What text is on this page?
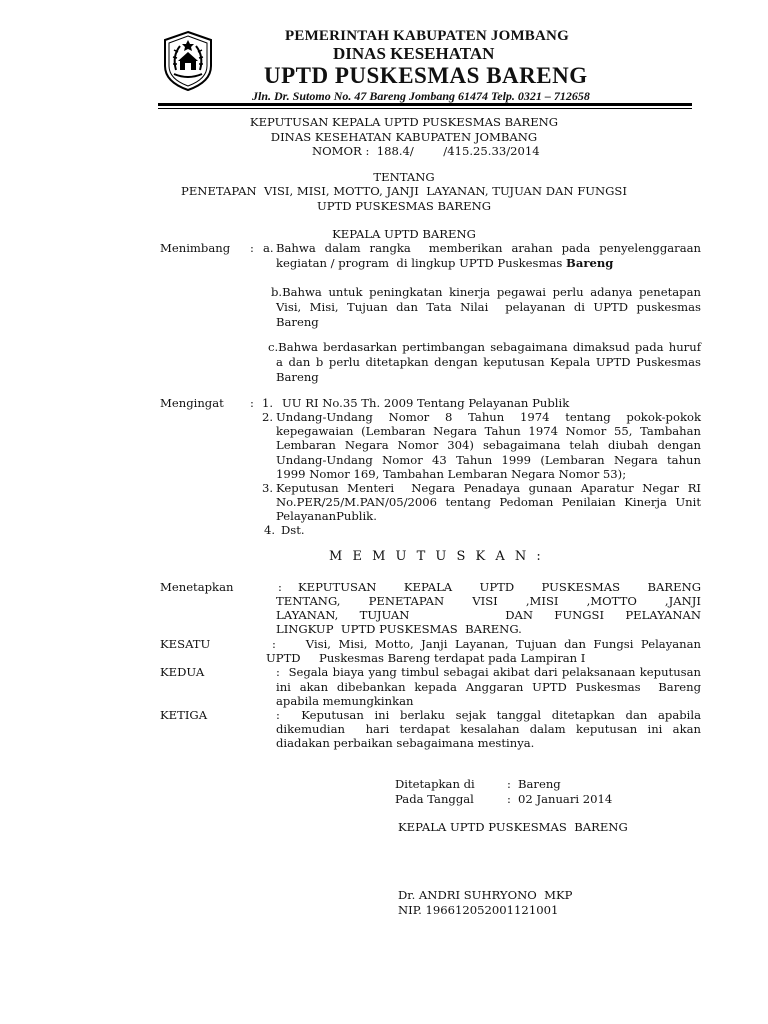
PEMERINTAH KABUPATEN JOMBANG
DINAS KESEHATAN
UPTD PUSKESMAS BARENG
Jln. Dr. Sutomo No. 47 Bareng Jombang 61474 Telp. 0321 – 712658
KEPUTUSAN KEPALA UPTD PUSKESMAS BARENG
DINAS KESEHATAN KABUPATEN JOMBANG
NOMOR :  188.4/        /415.25.33/2014
TENTANG
PENETAPAN  VISI, MISI, MOTTO, JANJI  LAYANAN, TUJUAN DAN FUNGSI
UPTD PUSKESMAS BARENG
KEPALA UPTD BARENG
Menimbang : a. Bahwa dalam rangka  memberikan arahan pada penyelenggaraan
kegiatan / program  di lingkup UPTD Puskesmas Bareng
b.Bahwa untuk peningkatan kinerja pegawai perlu adanya penetapan
Visi, Misi, Tujuan dan Tata Nilai  pelayanan di UPTD puskesmas
Bareng
c.Bahwa berdasarkan pertimbangan sebagaimana dimaksud pada huruf
a dan b perlu ditetapkan dengan keputusan Kepala UPTD Puskesmas
Bareng
Mengingat : 1. UU RI No.35 Th. 2009 Tentang Pelayanan Publik
2. Undang-Undang Nomor 8 Tahun 1974 tentang pokok-pokok
kepegawaian (Lembaran Negara Tahun 1974 Nomor 55, Tambahan
Lembaran Negara Nomor 304) sebagaimana telah diubah dengan
Undang-Undang Nomor 43 Tahun 1999 (Lembaran Negara tahun
1999 Nomor 169, Tambahan Lembaran Negara Nomor 53);
3. Keputusan Menteri  Negara Penadaya gunaan Aparatur Negar RI
No.PER/25/M.PAN/05/2006 tentang Pedoman Penilaian Kinerja Unit
PelayananPublik.
4. Dst.
M E M U T U S K A N :
Menetapkan	: KEPUTUSAN  KEPALA  UPTD  PUSKESMAS  BARENG
TENTANG,  PENETAPAN  VISI  ,MISI  ,MOTTO  ,JANJI
LAYANAN,  TUJUAN         DAN  FUNGSI  PELAYANAN
LINGKUP  UPTD PUSKESMAS  BARENG.
KESATU	:    Visi, Misi, Motto, Janji Layanan, Tujuan dan Fungsi Pelayanan
UPTD     Puskesmas Bareng terdapat pada Lampiran I
KEDUA	:  Segala biaya yang timbul sebagai akibat dari pelaksanaan keputusan
ini akan dibebankan kepada Anggaran UPTD Puskesmas  Bareng
apabila memungkinkan
KETIGA	:  Keputusan ini berlaku sejak tanggal ditetapkan dan apabila
dikemudian  hari terdapat kesalahan dalam keputusan ini akan
diadakan perbaikan sebagaimana mestinya.
Ditetapkan di	: Bareng
Pada Tanggal	: 02 Januari 2014
KEPALA UPTD PUSKESMAS  BARENG
Dr. ANDRI SUHRYONO  MKP
NIP. 196612052001121001
